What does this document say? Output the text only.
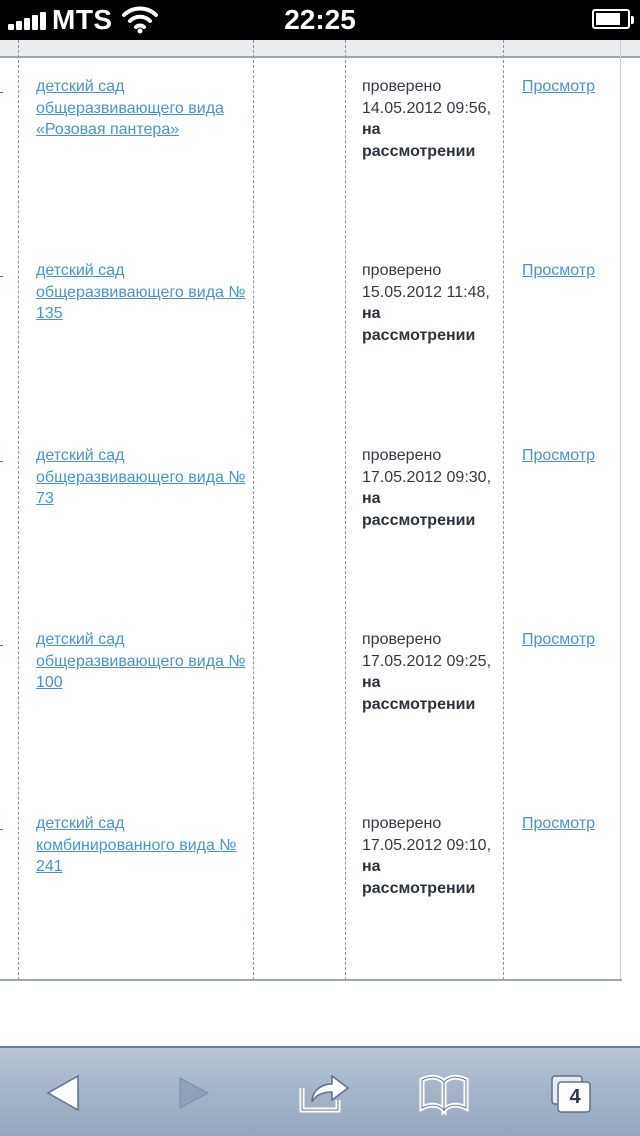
MTS	22:25
детский сад общеразвивающего вида «Розовая пантера»
проверено 14.05.2012 09:56, на рассмотрении
Просмотр
детский сад общеразвивающего вида № 135
проверено 15.05.2012 11:48, на рассмотрении
Просмотр
детский сад общеразвивающего вида № 73
проверено 17.05.2012 09:30, на рассмотрении
Просмотр
детский сад общеразвивающего вида № 100
проверено 17.05.2012 09:25, на рассмотрении
Просмотр
детский сад комбинированного вида № 241
проверено 17.05.2012 09:10, на рассмотрении
Просмотр
4
